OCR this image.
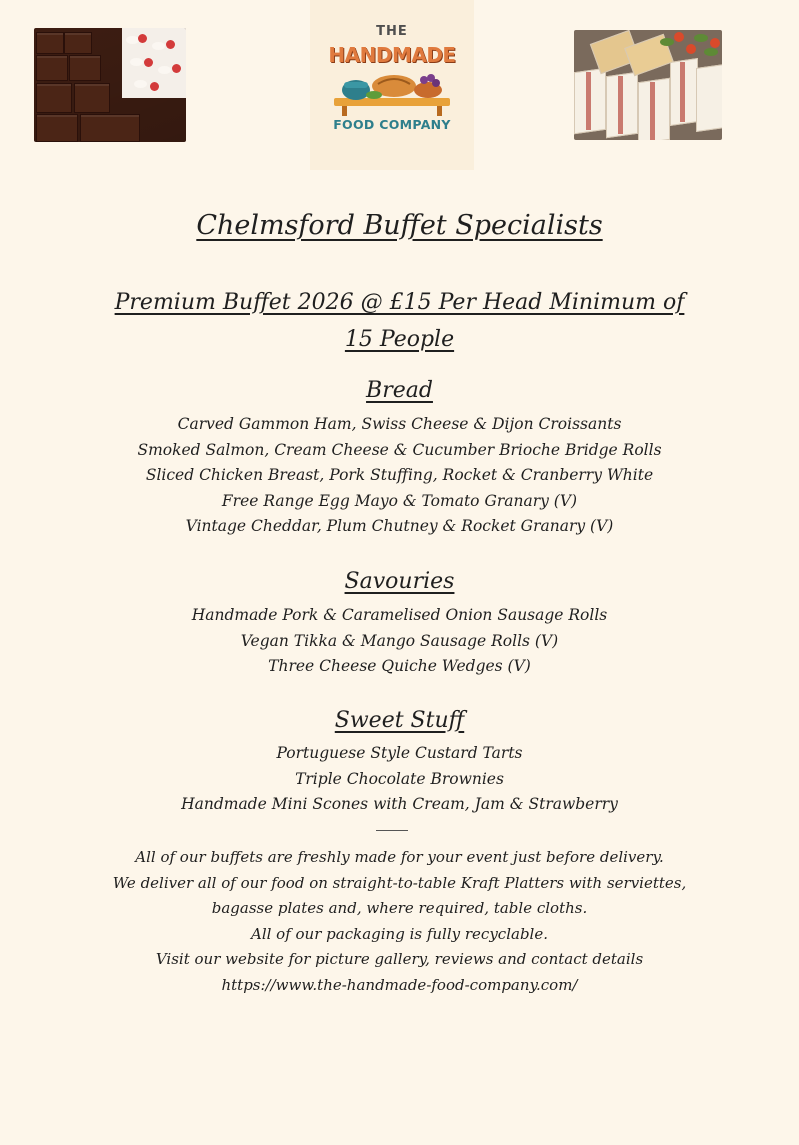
THE
HANDMADE
FOOD COMPANY
Chelmsford Buffet Specialists
Premium Buffet 2026 @ £15 Per Head Minimum of
15 People
Bread
Carved Gammon Ham, Swiss Cheese & Dijon Croissants
Smoked Salmon, Cream Cheese & Cucumber Brioche Bridge Rolls
Sliced Chicken Breast, Pork Stuffing, Rocket & Cranberry White
Free Range Egg Mayo & Tomato Granary (V)
Vintage Cheddar, Plum Chutney & Rocket Granary (V)
Savouries
Handmade Pork & Caramelised Onion Sausage Rolls
Vegan Tikka & Mango Sausage Rolls (V)
Three Cheese Quiche Wedges (V)
Sweet Stuff
Portuguese Style Custard Tarts
Triple Chocolate Brownies
Handmade Mini Scones with Cream, Jam & Strawberry
All of our buffets are freshly made for your event just before delivery.
We deliver all of our food on straight-to-table Kraft Platters with serviettes,
bagasse plates and, where required, table cloths.
All of our packaging is fully recyclable.
Visit our website for picture gallery, reviews and contact details
https://www.the-handmade-food-company.com/
